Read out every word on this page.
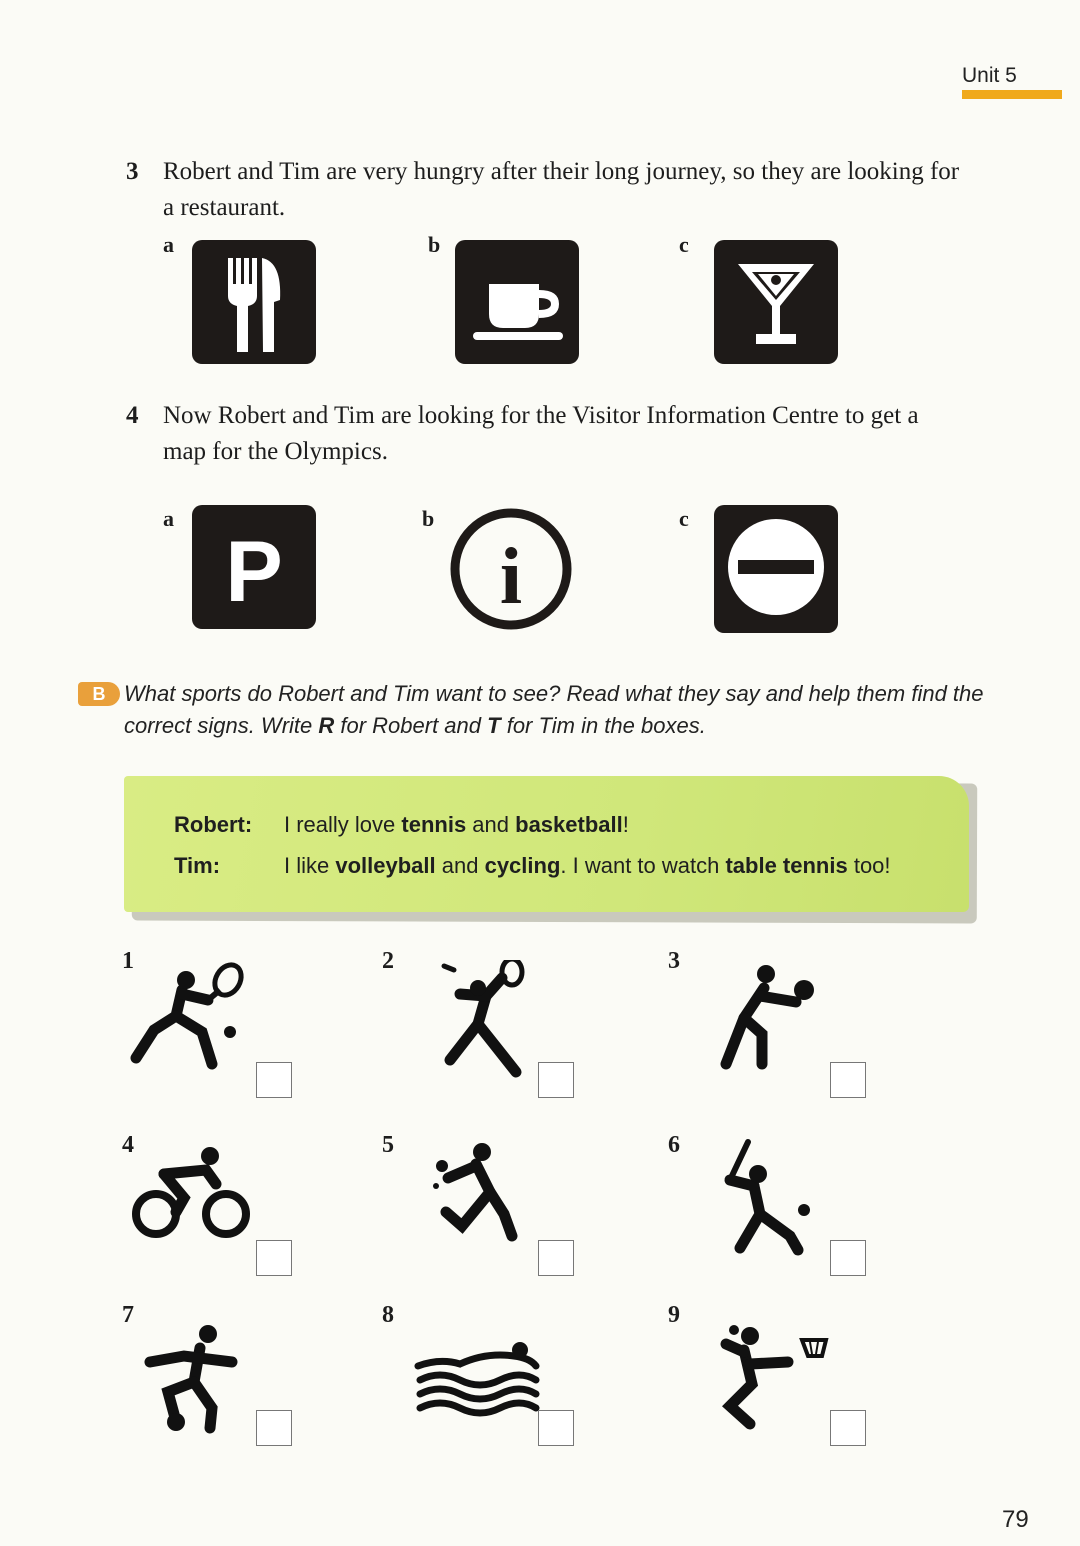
Unit 5
3 Robert and Tim are very hungry after their long journey, so they are looking for a restaurant.
a	b	c
4 Now Robert and Tim are looking for the Visitor Information Centre to get a map for the Olympics.
a
P
b
i
c
B What sports do Robert and Tim want to see? Read what they say and help them find the correct signs. Write R for Robert and T for Tim in the boxes.
Robert: I really love tennis and basketball!
Tim:	I like volleyball and cycling. I want to watch table tennis too!
1	2	3
4	5	6
7	8	9
79
